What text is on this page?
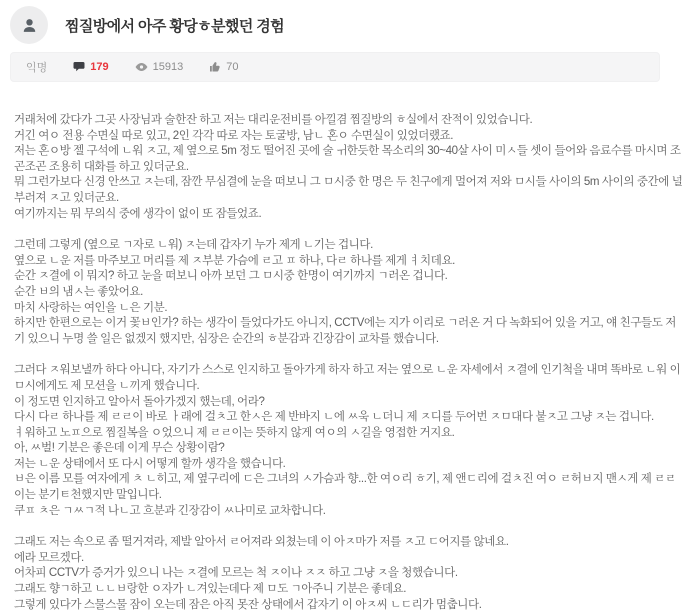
찜질방에서 아주 황당ㅎ분했던 경험
익명	179	15913	70

거래처에 갔다가 그곳 사장님과 술한잔 하고 저는 대리운전비를 아낄겸 찜질방의 ㅎ실에서 잔적이 있었습니다.
거긴 여ㅇ 전용 수면실 따로 있고, 2인 각각 따로 자는 토굴방, 남ㄴ 혼ㅇ 수면실이 있었더랬죠.
저는 혼ㅇ방 젤 구석에 ㄴ워 ㅈ고, 제 옆으로 5m 정도 떨어진 곳에 술 ㅟ한듯한 목소리의 30~40살 사이 미ㅅ들 셋이 들어와 음료수를 마시며 조곤조곤 조용히 대화를 하고 있더군요.
뭐 그런가보다 신경 안쓰고 ㅈ는데, 잠깐 무심결에 눈을 떠보니 그 ㅁ시중 한 명은 두 친구에게 멀어져 저와 ㅁ시들 사이의 5m 사이의 중간에 널부러져 ㅈ고 있더군요.
여기까지는 뭐 무의식 중에 생각이 없이 또 잠들었죠.

그런데 그렇게 (옆으로 ㄱ자로 ㄴ워) ㅈ는데 갑자기 누가 제게 ㄴ기는 겁니다.
옆으로 ㄴ운 저를 마주보고 머리를 제 ㅈ부분 가슴에 ㄹ고 ㅍ 하나, 다ㄹ 하나를 제게 ㅕ치데요.
순간 ㅈ결에 이 뭐지? 하고 눈을 떠보니 아까 보던 그 ㅁ시중 한명이 여기까지 ㄱ러온 겁니다.
순간 ㅂ의 냄ㅅ는 좋았어요.
마치 사랑하는 여인을 ㄴ은 기분.
하지만 한편으로는 이거 꽃ㅂ인가? 하는 생각이 들었다가도 아니지, CCTV에는 지가 이리로 ㄱ러온 거 다 녹화되어 있을 거고, 얘 친구들도 저기 있으니 누명 쓸 일은 없겠지 했지만, 심장은 순간의 ㅎ분감과 긴장감이 교차를 했습니다.

그러다 ㅈ워보낼까 하다 아니다, 자기가 스스로 인지하고 돌아가게 하자 하고 저는 옆으로 ㄴ운 자세에서 ㅈ결에 인기척을 내며 똑바로 ㄴ워 이 ㅁ시에게도 제 모션을 ㄴ끼게 했습니다.
이 정도면 인지하고 알아서 돌아가겠지 했는데, 어라?
다시 다ㄹ 하나를 제 ㄹㄹ이 바로 ㅏ래에 걸ㅊ고 한ㅅ은 제 반바지 ㄴ에 ㅆ욱 ㄴ더니 제 ㅈ디를 두어번 ㅈㅁ대다 붙ㅈ고 그냥 ㅈ는 겁니다.
ㅕ워하고 노ㅍ으로 찜질복을 ㅇ었으니 제 ㄹㄹ이는 뜻하지 않게 여ㅇ의 ㅅ길을 영접한 거지요.
아, ㅆ벌! 기분은 좋은데 이게 무슨 상황이람?
저는 ㄴ운 상태에서 또 다시 어떻게 할까 생각을 했습니다.
ㅂ은 이름 모를 여자에게 ㅊ ㄴ히고, 제 옆구리에 ㄷ은 그녀의 ㅅ가슴과 향...한 여ㅇ리 ㅎ기, 제 앤ㄷ리에 걸ㅊ진 여ㅇ ㄹ허ㅂ지 맨ㅅ게 제 ㄹㄹ이는 분기ㅌ천했지만 말입니다.
쿠ㅍ ㅊ은 ㄱㅆㄱ적 나ㄴ고 흐분과 긴장감이 ㅆ나미로 교차합니다.

그래도 저는 속으로 좀 떨거져라, 제발 알아서 ㄹ어져라 외쳤는데 이 아ㅈ마가 저를 ㅈ고 ㄷ어지를 않네요.
에라 모르겠다.
어차피 CCTV가 증거가 있으니 나는 ㅈ결에 모르는 척 ㅈ이나 ㅈㅈ 하고 그냥 ㅈ을 청했습니다.
그래도 향ㄱ하고 ㄴㄴㅂ랑한 ㅇ자가 ㄴ겨있는데다 제 ㅁ도 ㄱ아주니 기분은 좋데요.
그렇게 있다가 스물스물 잠이 오는데 잠은 아직 못잔 상태에서 갑자기 이 아ㅈ씨 ㄴㄷ리가 멈춥니다.
